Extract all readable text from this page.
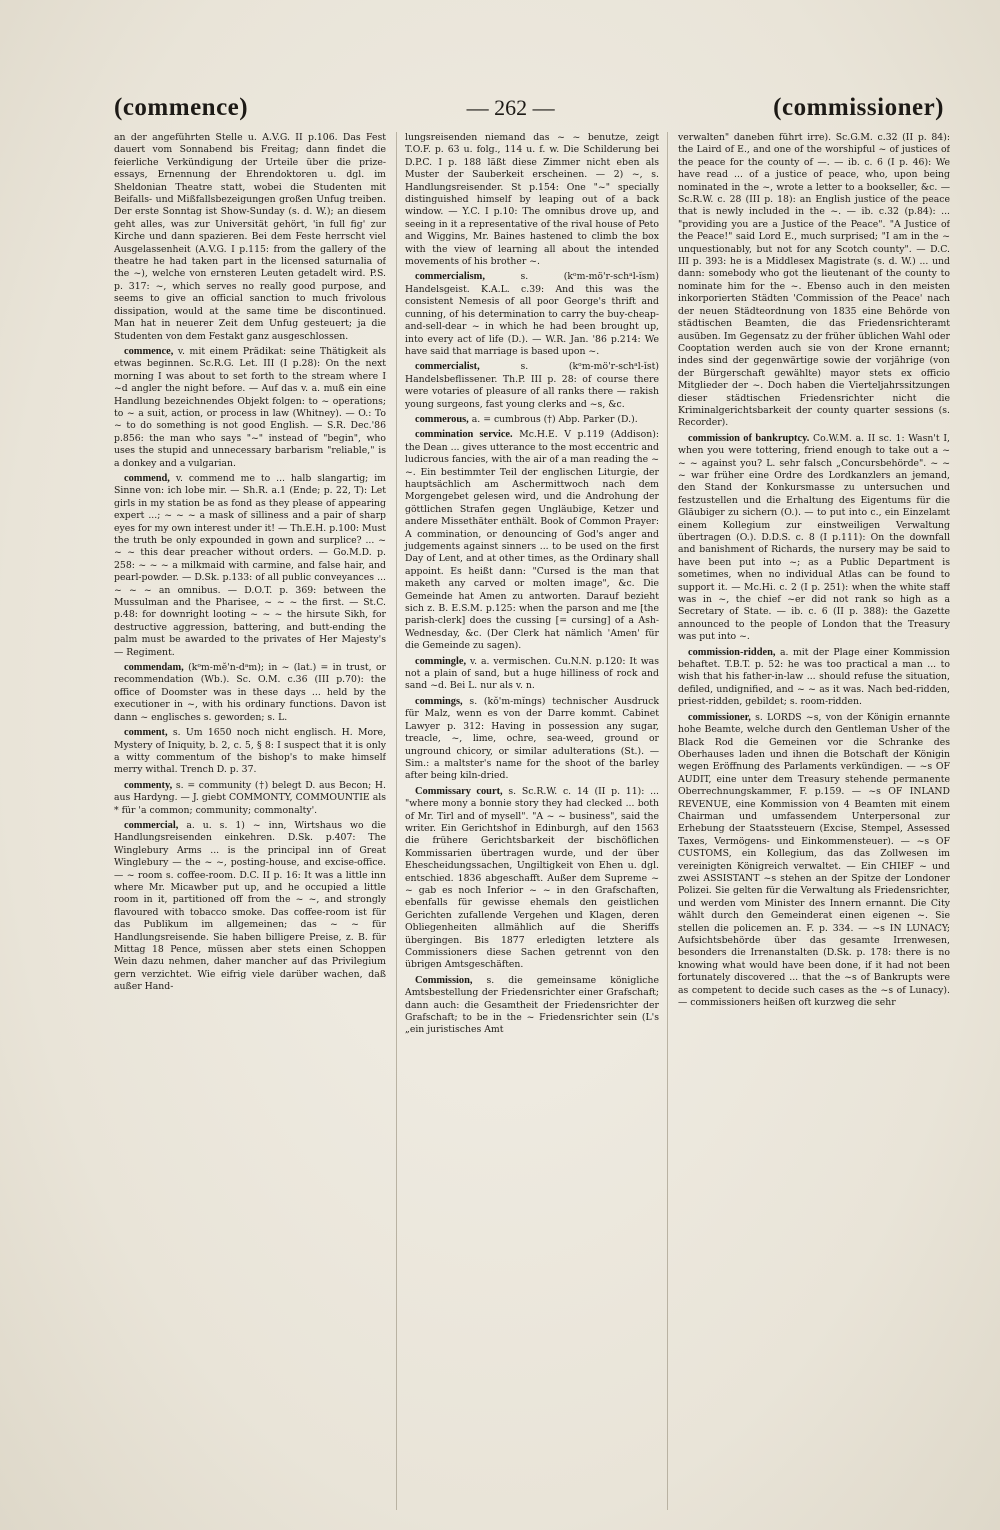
(commence)	— 262 —	(commissioner)

an der angeführten Stelle u. A.V.G. II p.106. Das Fest dauert vom Sonnabend bis Freitag; dann findet die feierliche Verkündigung der Urteile über die prize-essays, Ernennung der Ehrendoktoren u. dgl. im Sheldonian Theatre statt, wobei die Studenten mit Beifalls- und Mißfallsbezeigungen großen Unfug treiben. Der erste Sonntag ist Show-Sunday (s. d. W.); an diesem geht alles, was zur Universität gehört, 'in full fig' zur Kirche und dann spazieren. Bei dem Feste herrscht viel Ausgelassenheit (A.V.G. I p.115: from the gallery of the theatre he had taken part in the licensed saturnalia of the ~), welche von ernsteren Leuten getadelt wird. P.S. p. 317: ~, which serves no really good purpose, and seems to give an official sanction to much frivolous dissipation, would at the same time be discontinued. Man hat in neuerer Zeit dem Unfug gesteuert; ja die Studenten von dem Festakt ganz ausgeschlossen.

commence, v. mit einem Prädikat: seine Thätigkeit als etwas beginnen. Sc.R.G. Let. III (I p.28): On the next morning I was about to set forth to the stream where I ~d angler the night before. — Auf das v. a. muß ein eine Handlung bezeichnendes Objekt folgen: to ~ operations; to ~ a suit, action, or process in law (Whitney). — O.: To ~ to do something is not good English. — S.R. Dec.'86 p.856: the man who says "~" instead of "begin", who uses the stupid and unnecessary barbarism "reliable," is a donkey and a vulgarian.

commend, v. commend me to ... halb slangartig; im Sinne von: ich lobe mir. — Sh.R. a.1 (Ende; p. 22, T): Let girls in my station be as fond as they please of appearing expert ...; ~ ~ ~ a mask of silliness and a pair of sharp eyes for my own interest under it! — Th.E.H. p.100: Must the truth be only expounded in gown and surplice? ... ~ ~ ~ this dear preacher without orders. — Go.M.D. p. 258: ~ ~ ~ a milkmaid with carmine, and false hair, and pearl-powder. — D.Sk. p.133: of all public conveyances ... ~ ~ ~ an omnibus. — D.O.T. p. 369: between the Mussulman and the Pharisee, ~ ~ ~ the first. — St.C. p.48: for downright looting ~ ~ ~ the hirsute Sikh, for destructive aggression, battering, and butt-ending the palm must be awarded to the privates of Her Majesty's — Regiment.

commendam, (kᵒm-mĕ'n-dᵃm); in ~ (lat.) = in trust, or recommendation (Wb.). Sc. O.M. c.36 (III p.70): the office of Doomster was in these days ... held by the executioner in ~, with his ordinary functions. Davon ist dann ~ englisches s. geworden; s. L.

comment, s. Um 1650 noch nicht englisch. H. More, Mystery of Iniquity, b. 2, c. 5, § 8: I suspect that it is only a witty commentum of the bishop's to make himself merry withal. Trench D. p. 37.

commenty, s. = community (†) belegt D. aus Becon; H. aus Hardyng. — J. giebt COMMONTY, COMMOUNTIE als * für 'a common; community; commonalty'.

commercial, a. u. s. 1) ~ inn, Wirtshaus wo die Handlungsreisenden einkehren. D.Sk. p.407: The Winglebury Arms ... is the principal inn of Great Winglebury — the ~ ~, posting-house, and excise-office. — ~ room s. coffee-room. D.C. II p. 16: It was a little inn where Mr. Micawber put up, and he occupied a little room in it, partitioned off from the ~ ~, and strongly flavoured with tobacco smoke. Das coffee-room ist für das Publikum im allgemeinen; das ~ ~ für Handlungsreisende. Sie haben billigere Preise, z. B. für Mittag 18 Pence, müssen aber stets einen Schoppen Wein dazu nehmen, daher mancher auf das Privilegium gern verzichtet. Wie eifrig viele darüber wachen, daß außer Hand-

lungsreisenden niemand das ~ ~ benutze, zeigt T.O.F. p. 63 u. folg., 114 u. f. w. Die Schilderung bei D.P.C. I p. 188 läßt diese Zimmer nicht eben als Muster der Sauberkeit erscheinen. — 2) ~, s. Handlungsreisender. St p.154: One "~" specially distinguished himself by leaping out of a back window. — Y.C. I p.10: The omnibus drove up, and seeing in it a representative of the rival house of Peto and Wiggins, Mr. Baines hastened to climb the box with the view of learning all about the intended movements of his brother ~.

commercialism,	s. (kᵒm-mö'r-schᵃl-ĭsm) Handelsgeist. K.A.L. c.39: And this was the consistent Nemesis of all poor George's thrift and cunning, of his determination to carry the buy-cheap-and-sell-dear ~ in which he had been brought up, into every act of life (D.). — W.R. Jan. '86 p.214: We have said that marriage is based upon ~.

commercialist,	s. (kᵒm-mö'r-schᵃl-ĭst) Handelsbeflissener. Th.P. III p. 28: of course there were votaries of pleasure of all ranks there — rakish young surgeons, fast young clerks and ~s, &c.

commerous, a. = cumbrous (†) Abp. Parker (D.).

commination service. Mc.H.E. V p.119 (Addison): the Dean ... gives utterance to the most eccentric and ludicrous fancies, with the air of a man reading the ~ ~. Ein bestimmter Teil der englischen Liturgie, der hauptsächlich am Aschermittwoch nach dem Morgengebet gelesen wird, und die Androhung der göttlichen Strafen gegen Ungläubige, Ketzer und andere Missethäter enthält. Book of Common Prayer: A commination, or denouncing of God's anger and judgements against sinners ... to be used on the first Day of Lent, and at other times, as the Ordinary shall appoint. Es heißt dann: "Cursed is the man that maketh any carved or molten image", &c. Die Gemeinde hat Amen zu antworten. Darauf bezieht sich z. B. E.S.M. p.125: when the parson and me [the parish-clerk] does the cussing [= cursing] of a Ash-Wednesday, &c. (Der Clerk hat nämlich 'Amen' für die Gemeinde zu sagen).

commingle, v. a. vermischen. Cu.N.N. p.120: It was not a plain of sand, but a huge hilliness of rock and sand ~d. Bei L. nur als v. n.

commings, s. (kŏ'm-mĭngs) technischer Ausdruck für Malz, wenn es von der Darre kommt. Cabinet Lawyer p. 312: Having in possession any sugar, treacle, ~, lime, ochre, sea-weed, ground or unground chicory, or similar adulterations (St.). — Sim.: a maltster's name for the shoot of the barley after being kiln-dried.

Commissary court, s. Sc.R.W. c. 14 (II p. 11): ... "where mony a bonnie story they had clecked ... both of Mr. Tirl and of mysell". "A ~ ~ business", said the writer. Ein Gerichtshof in Edinburgh, auf den 1563 die frühere Gerichtsbarkeit der bischöflichen Kommissarien übertragen wurde, und der über Ehescheidungssachen, Ungiltigkeit von Ehen u. dgl. entschied. 1836 abgeschafft. Außer dem Supreme ~ ~ gab es noch Inferior ~ ~ in den Grafschaften, ebenfalls für gewisse ehemals den geistlichen Gerichten zufallende Vergehen und Klagen, deren Obliegenheiten allmählich auf die Sheriffs übergingen. Bis 1877 erledigten letztere als Commissioners diese Sachen getrennt von den übrigen Amtsgeschäften.

Commission, s. die gemeinsame königliche Amtsbestellung der Friedensrichter einer Grafschaft; dann auch: die Gesamtheit der Friedensrichter der Grafschaft; to be in the ~ Friedensrichter sein (L's „ein juristisches Amt

verwalten" daneben führt irre). Sc.G.M. c.32 (II p. 84): the Laird of E., and one of the worshipful ~ of justices of the peace for the county of —. — ib. c. 6 (I p. 46): We have read ... of a justice of peace, who, upon being nominated in the ~, wrote a letter to a bookseller, &c. — Sc.R.W. c. 28 (III p. 18): an English justice of the peace that is newly included in the ~. — ib. c.32 (p.84): ... "providing you are a Justice of the Peace". "A Justice of the Peace!" said Lord E., much surprised; "I am in the ~ unquestionably, but not for any Scotch county". — D.C. III p. 393: he is a Middlesex Magistrate (s. d. W.) ... und dann: somebody who got the lieutenant of the county to nominate him for the ~. Ebenso auch in den meisten inkorporierten Städten 'Commission of the Peace' nach der neuen Städteordnung von 1835 eine Behörde von städtischen Beamten, die das Friedensrichteramt ausüben. Im Gegensatz zu der früher üblichen Wahl oder Cooptation werden auch sie von der Krone ernannt; indes sind der gegenwärtige sowie der vorjährige (von der Bürgerschaft gewählte) mayor stets ex officio Mitglieder der ~. Doch haben die Vierteljahrssitzungen dieser städtischen Friedensrichter nicht die Kriminalgerichtsbarkeit der county quarter sessions (s. Recorder).

commission of bankruptcy. Co.W.M. a. II sc. 1: Wasn't I, when you were tottering, friend enough to take out a ~ ~ ~ against you? L. sehr falsch „Concursbehörde". ~ ~ ~ war früher eine Ordre des Lordkanzlers an jemand, den Stand der Konkursmasse zu untersuchen und festzustellen und die Erhaltung des Eigentums für die Gläubiger zu sichern (O.). — to put into c., ein Einzelamt einem Kollegium zur einstweiligen Verwaltung übertragen (O.). D.D.S. c. 8 (I p.111): On the downfall and banishment of Richards, the nursery may be said to have been put into ~; as a Public Department is sometimes, when no individual Atlas can be found to support it. — Mc.Hi. c. 2 (I p. 251): when the white staff was in ~, the chief ~er did not rank so high as a Secretary of State. — ib. c. 6 (II p. 388): the Gazette announced to the people of London that the Treasury was put into ~.

commission-ridden, a. mit der Plage einer Kommission behaftet. T.B.T. p. 52: he was too practical a man ... to wish that his father-in-law ... should refuse the situation, defiled, undignified, and ~ ~ as it was. Nach bed-ridden, priest-ridden, gebildet; s. room-ridden.

commissioner, s. LORDS ~s, von der Königin ernannte hohe Beamte, welche durch den Gentleman Usher of the Black Rod die Gemeinen vor die Schranke des Oberhauses laden und ihnen die Botschaft der Königin wegen Eröffnung des Parlaments verkündigen. — ~s OF AUDIT, eine unter dem Treasury stehende permanente Oberrechnungskammer, F. p.159. — ~s OF INLAND REVENUE, eine Kommission von 4 Beamten mit einem Chairman und umfassendem Unterpersonal zur Erhebung der Staatssteuern (Excise, Stempel, Assessed Taxes, Vermögens- und Einkommensteuer). — ~s OF CUSTOMS, ein Kollegium, das das Zollwesen im vereinigten Königreich verwaltet. — Ein CHIEF ~ und zwei ASSISTANT ~s stehen an der Spitze der Londoner Polizei. Sie gelten für die Verwaltung als Friedensrichter, und werden vom Minister des Innern ernannt. Die City wählt durch den Gemeinderat einen eigenen ~. Sie stellen die policemen an. F. p. 334. — ~s IN LUNACY; Aufsichtsbehörde über das gesamte Irrenwesen, besonders die Irrenanstalten (D.Sk. p. 178: there is no knowing what would have been done, if it had not been fortunately discovered ... that the ~s of Bankrupts were as competent to decide such cases as the ~s of Lunacy). — commissioners heißen oft kurzweg die sehr
